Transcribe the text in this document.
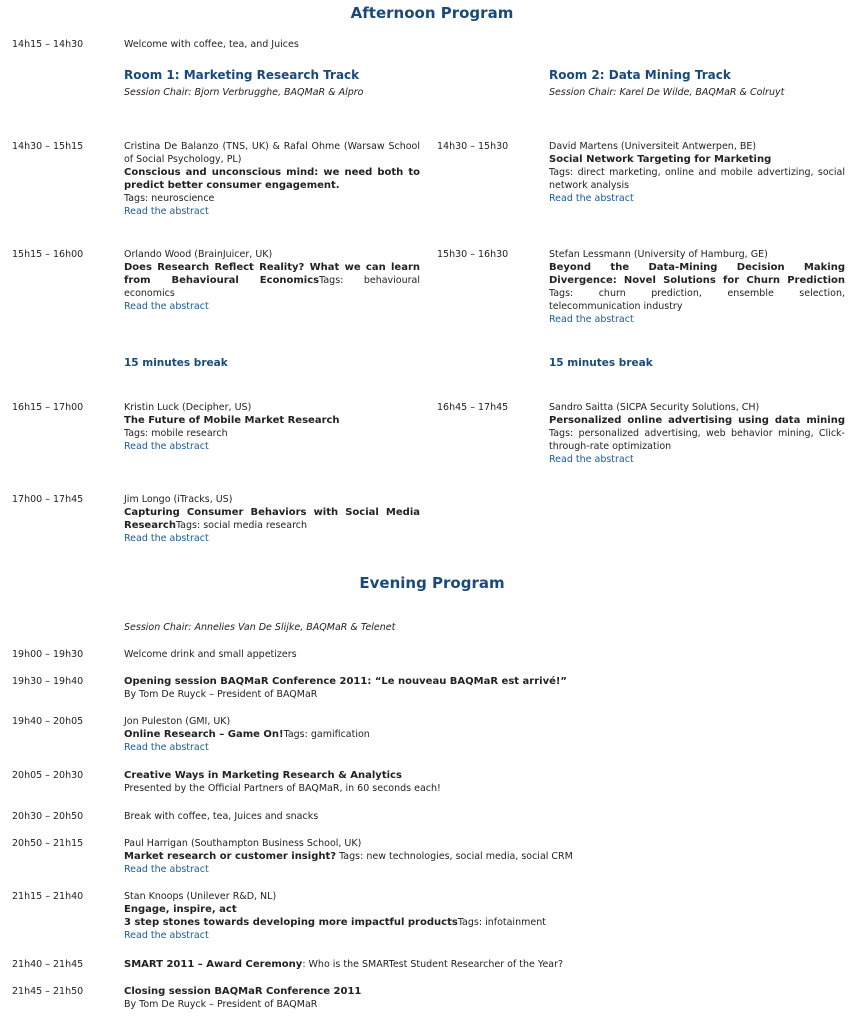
Afternoon Program
14h15 – 14h30	Welcome with coffee, tea, and Juices
Room 1: Marketing Research Track
Session Chair: Bjorn Verbrugghe, BAQMaR & Alpro
Room 2: Data Mining Track
Session Chair: Karel De Wilde, BAQMaR & Colruyt
14h30 – 15h15	Cristina De Balanzo (TNS, UK) & Rafal Ohme (Warsaw School of Social Psychology, PL)
Conscious and unconscious mind: we need both to predict better consumer engagement.
Tags: neuroscience
Read the abstract
14h30 – 15h30	David Martens (Universiteit Antwerpen, BE)
Social Network Targeting for Marketing
Tags: direct marketing, online and mobile advertizing, social network analysis
Read the abstract
15h15 – 16h00	Orlando Wood (BrainJuicer, UK)
Does Research Reflect Reality? What we can learn from Behavioural EconomicsTags: behavioural economics
Read the abstract
15h30 – 16h30	Stefan Lessmann (University of Hamburg, GE)
Beyond the Data-Mining Decision Making Divergence: Novel Solutions for Churn Prediction Tags: churn prediction, ensemble selection, telecommunication industry
Read the abstract
15 minutes break	15 minutes break
16h15 – 17h00	Kristin Luck (Decipher, US)
The Future of Mobile Market Research
Tags: mobile research
Read the abstract
16h45 – 17h45	Sandro Saitta (SICPA Security Solutions, CH)
Personalized online advertising using data mining Tags: personalized advertising, web behavior mining, Click-through-rate optimization
Read the abstract
17h00 – 17h45	Jim Longo (iTracks, US)
Capturing Consumer Behaviors with Social Media ResearchTags: social media research
Read the abstract
Evening Program
Session Chair: Annelies Van De Slijke, BAQMaR & Telenet
19h00 – 19h30	Welcome drink and small appetizers
19h30 – 19h40	Opening session BAQMaR Conference 2011: “Le nouveau BAQMaR est arrivé!”
By Tom De Ruyck – President of BAQMaR
19h40 – 20h05	Jon Puleston (GMI, UK)
Online Research – Game On!Tags: gamification
Read the abstract
20h05 – 20h30	Creative Ways in Marketing Research & Analytics
Presented by the Official Partners of BAQMaR, in 60 seconds each!
20h30 – 20h50	Break with coffee, tea, Juices and snacks
20h50 – 21h15	Paul Harrigan (Southampton Business School, UK)
Market research or customer insight? Tags: new technologies, social media, social CRM
Read the abstract
21h15 – 21h40	Stan Knoops (Unilever R&D, NL)
Engage, inspire, act
3 step stones towards developing more impactful productsTags: infotainment
Read the abstract
21h40 – 21h45	SMART 2011 – Award Ceremony: Who is the SMARTest Student Researcher of the Year?
21h45 – 21h50	Closing session BAQMaR Conference 2011
By Tom De Ruyck – President of BAQMaR
